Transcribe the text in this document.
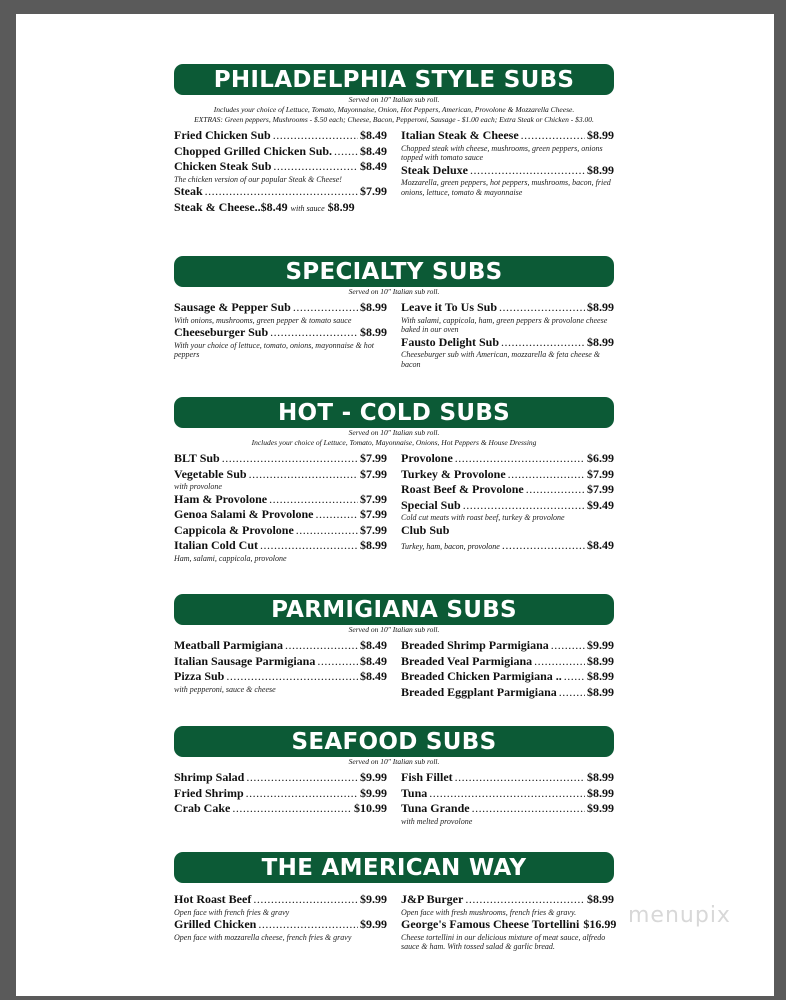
PHILADELPHIA STYLE SUBS
Served on 10" Italian sub roll.
Includes your choice of Lettuce, Tomato, Mayonnaise, Onion, Hot Peppers, American, Provolone & Mozzarella Cheese.
EXTRAS: Green peppers, Mushrooms - $.50 each; Cheese, Bacon, Pepperoni, Sausage - $1.00 each; Extra Steak or Chicken - $3.00.
Fried Chicken Sub .....	$8.49
Chopped Grilled Chicken Sub. ..... $8.49
Chicken Steak Sub .....	$8.49
The chicken version of our popular Steak & Cheese!
Steak .....	$7.99
Steak & Cheese.. $8.49 with sauce $8.99
Italian Steak & Cheese .....	$8.99
Chopped steak with cheese, mushrooms, green peppers, onions topped with tomato sauce
Steak Deluxe .....	$8.99
Mozzarella, green peppers, hot peppers, mushrooms, bacon, fried onions, lettuce, tomato & mayonnaise
SPECIALTY SUBS
Served on 10" Italian sub roll.
Sausage & Pepper Sub .....	$8.99
With onions, mushrooms, green pepper & tomato sauce
Cheeseburger Sub .....	$8.99
With your choice of lettuce, tomato, onions, mayonnaise & hot peppers
Leave it To Us Sub .....	$8.99
With salami, cappicola, ham, green peppers & provolone cheese baked in our oven
Fausto Delight Sub .....	$8.99
Cheeseburger sub with American, mozzarella & feta cheese & bacon
HOT - COLD SUBS
Served on 10" Italian sub roll.
Includes your choice of Lettuce, Tomato, Mayonnaise, Onions, Hot Peppers & House Dressing
BLT Sub .....	$7.99
Vegetable Sub .....	$7.99
with provolone
Ham & Provolone .....	$7.99
Genoa Salami & Provolone .....	$7.99
Cappicola & Provolone .....	$7.99
Italian Cold Cut .....	$8.99
Ham, salami, cappicola, provolone
Provolone .....	$6.99
Turkey & Provolone .....	$7.99
Roast Beef & Provolone .....	$7.99
Special Sub .....	$9.49
Cold cut meats with roast beef, turkey & provolone
Club Sub
Turkey, ham, bacon, provolone .....	$8.49
PARMIGIANA SUBS
Served on 10" Italian sub roll.
Meatball Parmigiana .....	$8.49
Italian Sausage Parmigiana .....	$8.49
Pizza Sub .....	$8.49
with pepperoni, sauce & cheese
Breaded Shrimp Parmigiana .....	$9.99
Breaded Veal Parmigiana .....	$8.99
Breaded Chicken Parmigiana .. ..... $8.99
Breaded Eggplant Parmigiana .....	$8.99
SEAFOOD SUBS
Served on 10" Italian sub roll.
Shrimp Salad .....	$9.99
Fried Shrimp .....	$9.99
Crab Cake .....	$10.99
Fish Fillet .....	$8.99
Tuna .....	$8.99
Tuna Grande .....	$9.99
with melted provolone
THE AMERICAN WAY
Hot Roast Beef .....	$9.99
Open face with french fries & gravy
Grilled Chicken .....	$9.99
Open face with mozzarella cheese, french fries & gravy
J&P Burger .....	$8.99
Open face with fresh mushrooms, french fries & gravy.
George's Famous Cheese Tortellini $16.99
Cheese tortellini in our delicious mixture of meat sauce, alfredo sauce & ham. With tossed salad & garlic bread.
menupix
